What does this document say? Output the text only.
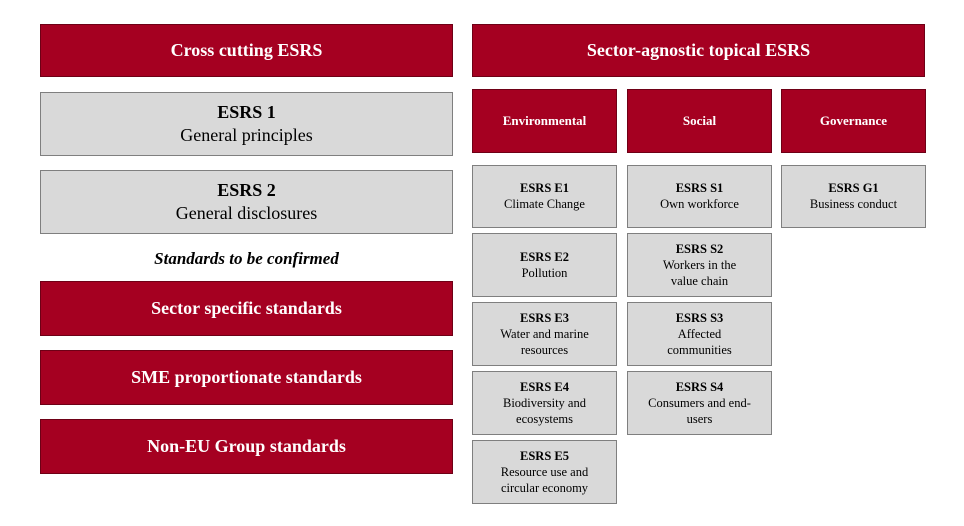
Cross cutting ESRS
ESRS 1
General principles
ESRS 2
General disclosures
Standards to be confirmed
Sector specific standards
SME proportionate standards
Non-EU Group standards
Sector-agnostic topical ESRS
Environmental	Social	Governance
ESRS E1
Climate Change
ESRS E2
Pollution
ESRS E3
Water and marine
resources
ESRS E4
Biodiversity and
ecosystems
ESRS E5
Resource use and
circular economy
ESRS S1
Own workforce
ESRS S2
Workers in the
value chain
ESRS S3
Affected
communities
ESRS S4
Consumers and end-
users
ESRS G1
Business conduct
